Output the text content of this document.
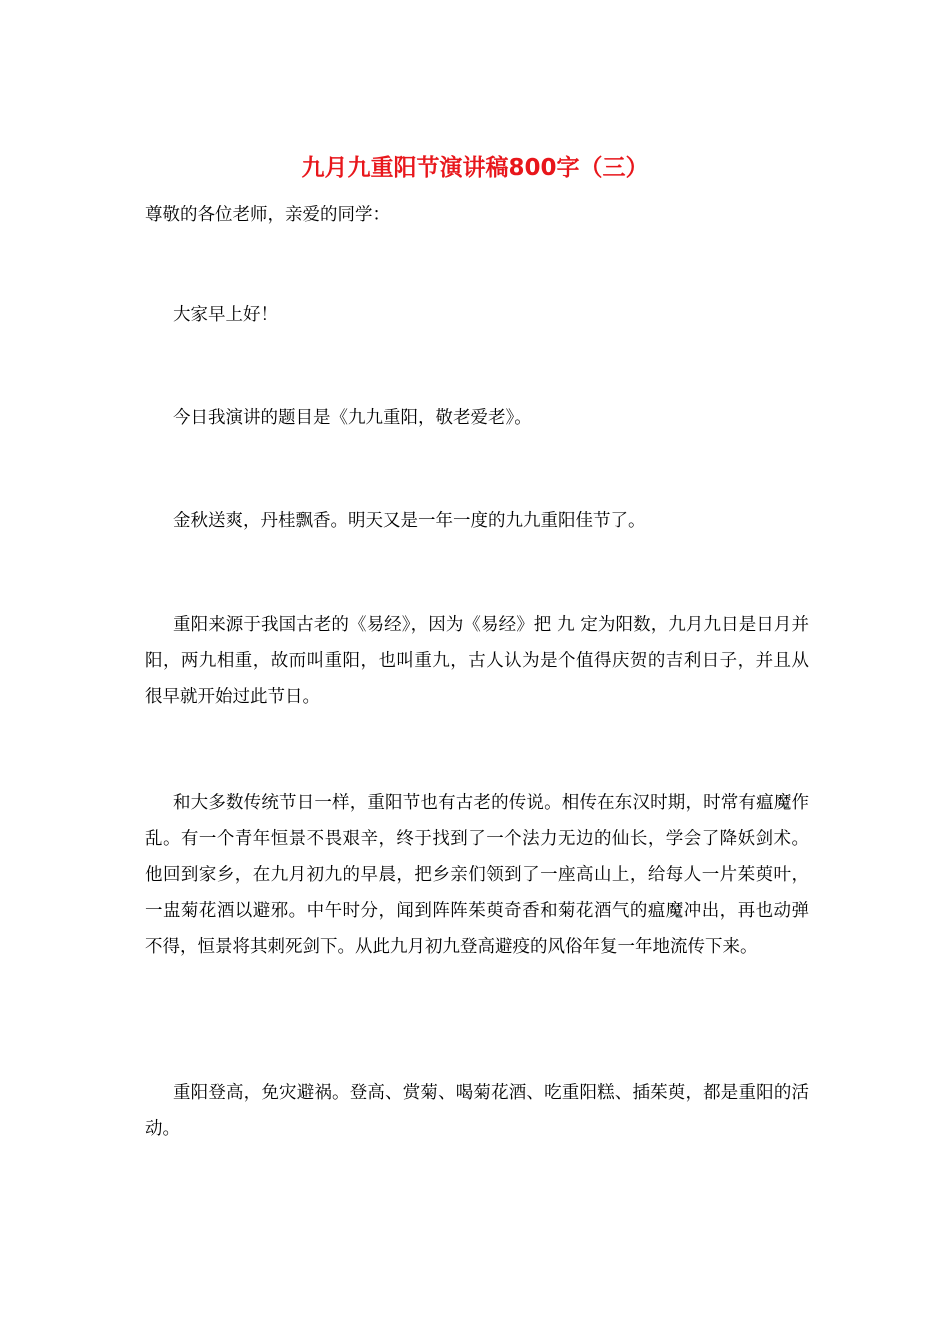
九月九重阳节演讲稿800字（三）

尊敬的各位老师，亲爱的同学：

大家早上好！

今日我演讲的题目是《九九重阳，敬老爱老》。

金秋送爽，丹桂飘香。明天又是一年一度的九九重阳佳节了。

重阳来源于我国古老的《易经》，因为《易经》把 九 定为阳数，九月九日是日月并阳，两九相重，故而叫重阳，也叫重九，古人认为是个值得庆贺的吉利日子，并且从很早就开始过此节日。

和大多数传统节日一样，重阳节也有古老的传说。相传在东汉时期，时常有瘟魔作乱。有一个青年恒景不畏艰辛，终于找到了一个法力无边的仙长，学会了降妖剑术。他回到家乡，在九月初九的早晨，把乡亲们领到了一座高山上，给每人一片茱萸叶，一盅菊花酒以避邪。中午时分，闻到阵阵茱萸奇香和菊花酒气的瘟魔冲出，再也动弹不得，恒景将其刺死剑下。从此九月初九登高避疫的风俗年复一年地流传下来。

重阳登高，免灾避祸。登高、赏菊、喝菊花酒、吃重阳糕、插茱萸，都是重阳的活动。
